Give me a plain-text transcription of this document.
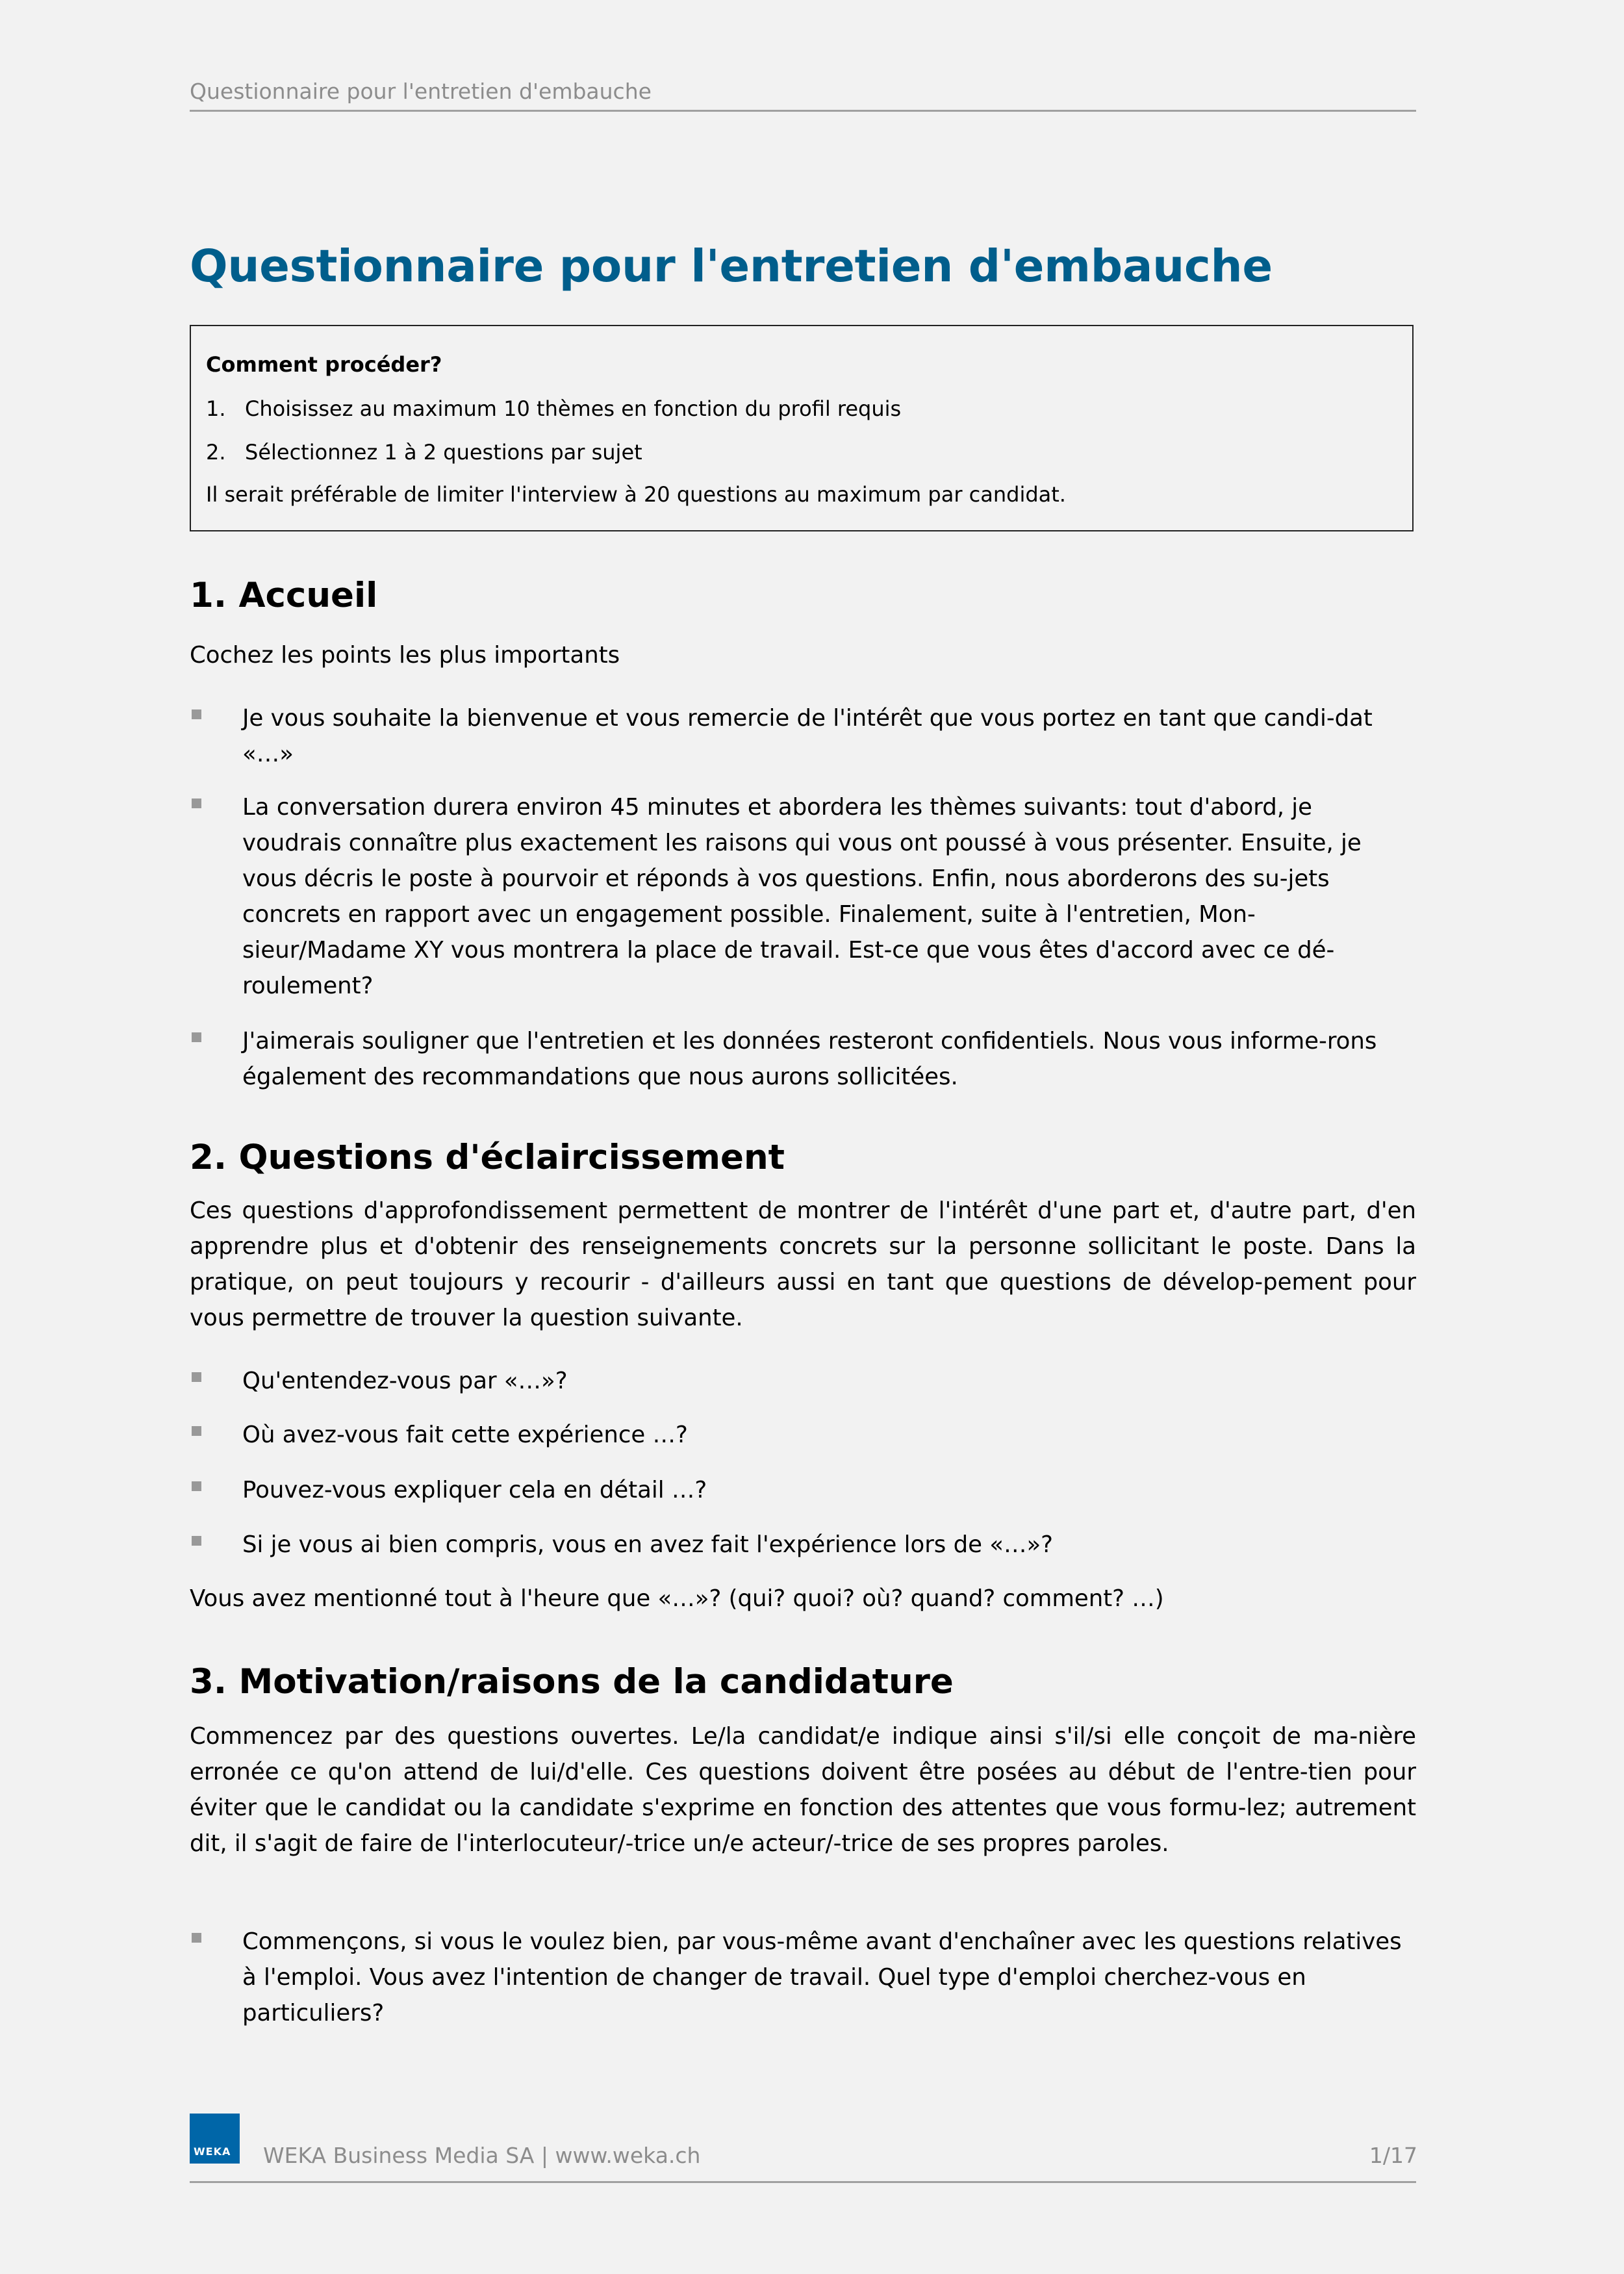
Questionnaire pour l'entretien d'embauche
Questionnaire pour l'entretien d'embauche
Comment procéder?
1. Choisissez au maximum 10 thèmes en fonction du profil requis
2. Sélectionnez 1 à 2 questions par sujet
Il serait préférable de limiter l'interview à 20 questions au maximum par candidat.
1. Accueil
Cochez les points les plus importants
Je vous souhaite la bienvenue et vous remercie de l'intérêt que vous portez en tant que candi-dat «…»
La conversation durera environ 45 minutes et abordera les thèmes suivants: tout d'abord, je voudrais connaître plus exactement les raisons qui vous ont poussé à vous présenter. Ensuite, je vous décris le poste à pourvoir et réponds à vos questions. Enfin, nous aborderons des su-jets concrets en rapport avec un engagement possible. Finalement, suite à l'entretien, Mon-sieur/Madame XY vous montrera la place de travail. Est-ce que vous êtes d'accord avec ce dé-roulement?
J'aimerais souligner que l'entretien et les données resteront confidentiels. Nous vous informe-rons également des recommandations que nous aurons sollicitées.
2. Questions d'éclaircissement
Ces questions d'approfondissement permettent de montrer de l'intérêt d'une part et, d'autre part, d'en apprendre plus et d'obtenir des renseignements concrets sur la personne sollicitant le poste. Dans la pratique, on peut toujours y recourir - d'ailleurs aussi en tant que questions de dévelop-pement pour vous permettre de trouver la question suivante.
Qu'entendez-vous par «…»?
Où avez-vous fait cette expérience …?
Pouvez-vous expliquer cela en détail …?
Si je vous ai bien compris, vous en avez fait l'expérience lors de «…»?
Vous avez mentionné tout à l'heure que «…»? (qui? quoi? où? quand? comment? …)
3. Motivation/raisons de la candidature
Commencez par des questions ouvertes. Le/la candidat/e indique ainsi s'il/si elle conçoit de ma-nière erronée ce qu'on attend de lui/d'elle. Ces questions doivent être posées au début de l'entre-tien pour éviter que le candidat ou la candidate s'exprime en fonction des attentes que vous formu-lez; autrement dit, il s'agit de faire de l'interlocuteur/-trice un/e acteur/-trice de ses propres paroles.
Commençons, si vous le voulez bien, par vous-même avant d'enchaîner avec les questions relatives à l'emploi. Vous avez l'intention de changer de travail. Quel type d'emploi cherchez-vous en particuliers?
WEKA WEKA Business Media SA | www.weka.ch	1/17
